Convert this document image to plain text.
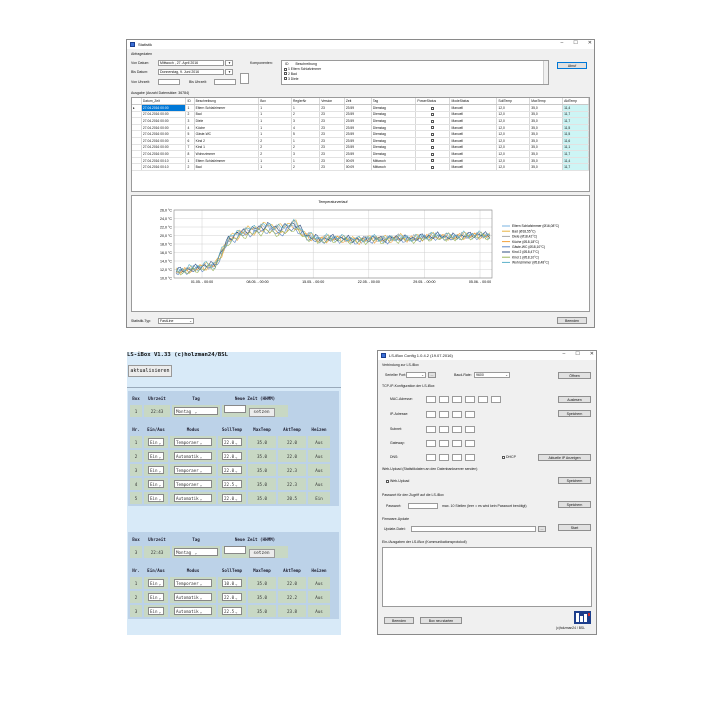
Statistik	– ☐ ✕
Abfragedaten
Von Datum:	Mittwoch , 27. April 2016	▾
Bis Datum:	Donnerstag, 9. Juni 2016	▾
Von Uhrzeit:	Bis Uhrzeit:
Komponenten:	ID Beschreibung
1 Eltern Schlafzimmer
2 Bad
3 Diele
Abruf
Ausgabe (Anzahl Datensätze: 36784)
	Datum_Zeit	ID	Beschreibung	Box	ReglerNr	Version	Zeit	Tag	PowerStatus	ModeStatus	SollTemp	MaxTemp	AktTemp
▸	27.04.2016 00:00	1	Eltern Schlafzimmer	1	1	23	23:59	Dienstag		Manuell	12,0	35,0	11,4
	27.04.2016 00:00	2	Bad	1	2	23	23:59	Dienstag		Manuell	12,0	35,0	11,7
	27.04.2016 00:00	3	Diele	1	3	23	23:59	Dienstag		Manuell	12,0	35,0	11,7
	27.04.2016 00:00	4	Küche	1	4	23	23:59	Dienstag		Manuell	12,0	35,0	11,5
	27.04.2016 00:00	5	Gäste-WC	1	5	23	23:59	Dienstag		Manuell	12,0	35,0	11,5
	27.04.2016 00:00	6	Kind 2	2	1	23	23:59	Dienstag		Manuell	12,0	35,0	11,6
	27.04.2016 00:00	7	Kind 1	2	2	23	23:59	Dienstag		Manuell	12,0	35,0	11,1
	27.04.2016 00:00	8	Wohnzimmer	2	3	23	23:59	Dienstag		Manuell	12,0	35,0	11,7
	27.04.2016 00:10	1	Eltern Schlafzimmer	1	1	23	00:09	Mittwoch		Manuell	12,0	35,0	11,4
	27.04.2016 00:10	2	Bad	1	2	23	00:09	Mittwoch		Manuell	12,0	35,0	11,7
Temperaturverlauf
26,0 °C
24,0 °C
22,0 °C
20,0 °C
18,0 °C
16,0 °C
14,0 °C
12,0 °C
10,0 °C
01.05. - 00:00	08.05. - 00:00	15.05. - 00:00	22.05. - 00:00	29.05. - 00:00	05.06. - 00:00
Eltern Schlafzimmer (Ø16,08°C)
Bad (Ø18,55°C)
Diele (Ø18,42°C)
Küche (Ø18,18°C)
Gäste-WC (Ø18,10°C)
Kind 2 (Ø18,47°C)
Kind 1 (Ø18,10°C)
Wohnzimmer (Ø18,48°C)
Statistik-Typ:	FastLine	⌄	Beenden
LS-iBox V1.33 (c)holzman24/BSL
aktualisieren
Box	Uhrzeit	Tag	Neue Zeit (HHMM)
1	22:43	Montag ⌄	setzen
Nr.	Ein/Aus	Modus	SollTemp	MaxTemp	AktTemp	Heizen
1	Ein⌄	Temporaer⌄	22.0⌄	35.0	22.0	Aus
2	Ein⌄	Automatik⌄	22.0⌄	35.0	22.0	Aus
3	Ein⌄	Temporaer⌄	22.0⌄	35.0	22.3	Aus
4	Ein⌄	Temporaer⌄	22.5⌄	35.0	22.3	Aus
5	Ein⌄	Automatik⌄	22.0⌄	35.0	20.5	Ein
Box	Uhrzeit	Tag	Neue Zeit (HHMM)
3	22:43	Montag ⌄	setzen
Nr.	Ein/Aus	Modus	SollTemp	MaxTemp	AktTemp	Heizen
1	Ein⌄	Temporaer⌄	10.0⌄	35.0	22.0	Aus
2	Ein⌄	Automatik⌄	22.0⌄	35.0	22.2	Aus
3	Ein⌄	Automatik⌄	22.5⌄	35.0	23.8	Aus
LS-iBox Config 1.0.4.2 (19.07.2016)	– ☐ ✕
Verbindung zur LS-iBox
Serieller Port:	⌄	...	Baud-Rate:	9600	⌄	Öffnen
TCP-IP-Konfiguration der LS-iBox
MAC-Adresse:
IP-Adresse:
Subnet:
Gateway:
DNS:	DHCP
Auslesen
Speichern
Aktuelle IP Anzeigen
Web-Upload (Statistikdaten an den Datenbankserver senden)
Web-Upload	Speichern
Passwort für den Zugriff auf die LS-iBox
Passwort:	max. 10 Stellen (leer = es wird kein Passwort benötigt)	Speichern
Firmware-Update
Update-Datei:	...	Start
Ein-/Ausgaben der LS-iBox (Kommunikationsprotokoll)
Beenden	Box neu starten
(c)holzman24 / BSL
